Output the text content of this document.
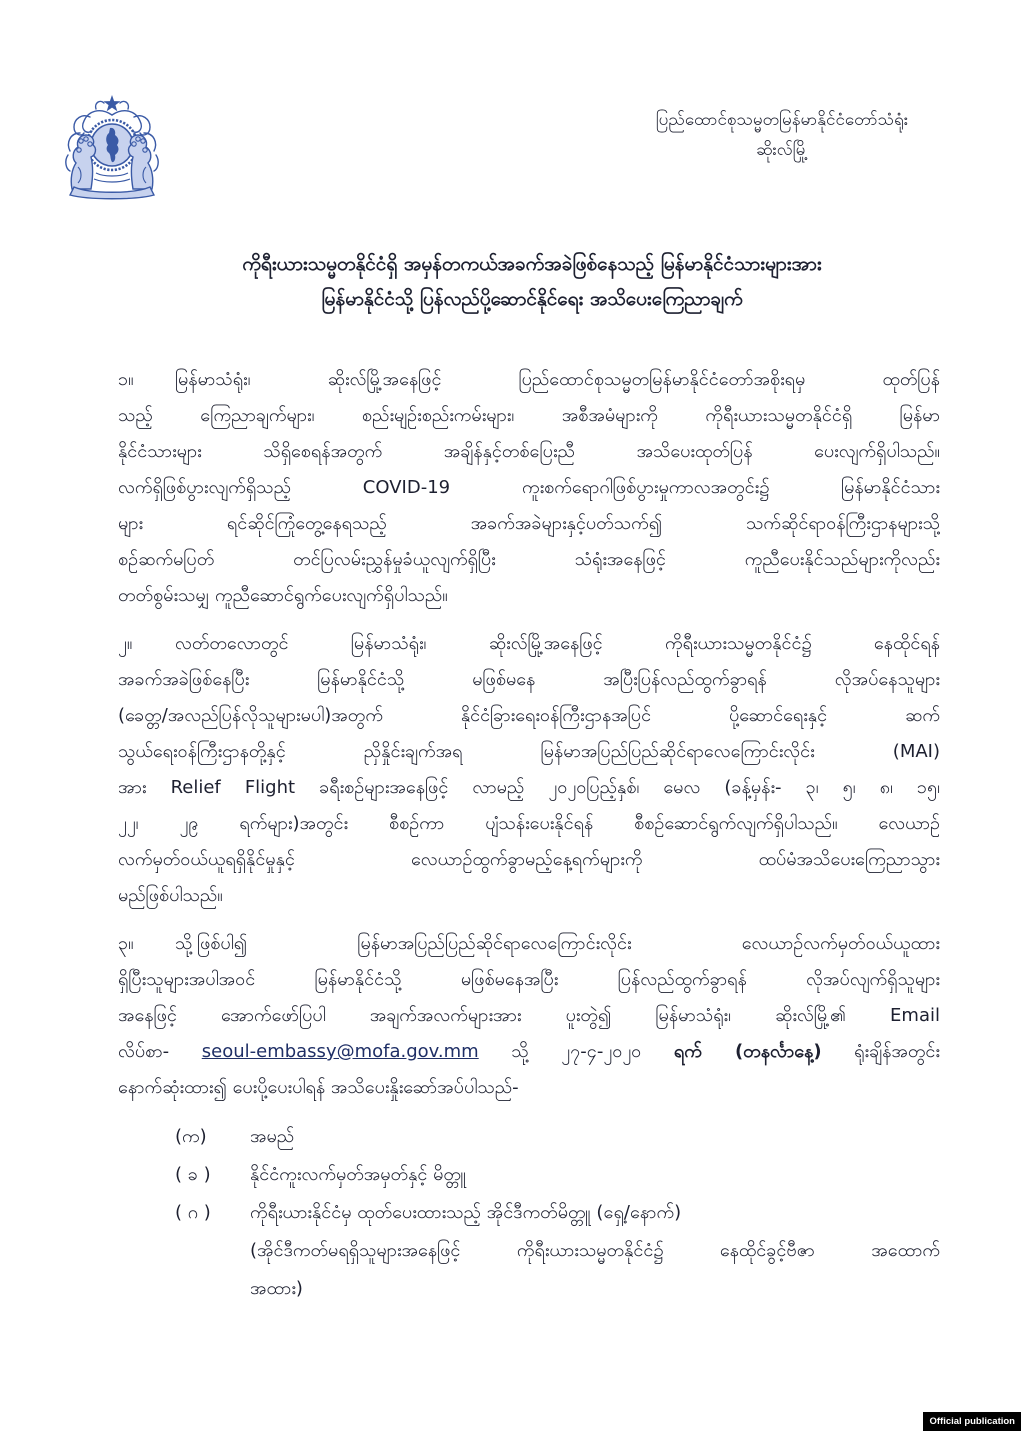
ပြည်ထောင်စုသမ္မတမြန်မာနိုင်ငံတော်သံရုံး
ဆိုးလ်မြို့
ကိုရီးယားသမ္မတနိုင်ငံရှိ အမှန်တကယ်အခက်အခဲဖြစ်နေသည့် မြန်မာနိုင်ငံသားများအား
မြန်မာနိုင်ငံသို့ ပြန်လည်ပို့ဆောင်နိုင်ရေး အသိပေးကြေညာချက်
၁။	မြန်မာသံရုံး၊ ဆိုးလ်မြို့အနေဖြင့် ပြည်ထောင်စုသမ္မတမြန်မာနိုင်ငံတော်အစိုးရမှ ထုတ်ပြန်
သည့် ကြေညာချက်များ၊ စည်းမျဉ်းစည်းကမ်းများ၊ အစီအမံများကို ကိုရီးယားသမ္မတနိုင်ငံရှိ မြန်မာ
နိုင်ငံသားများ သိရှိစေရန်အတွက် အချိန်နှင့်တစ်ပြေးညီ အသိပေးထုတ်ပြန် ပေးလျက်ရှိပါသည်။
လက်ရှိဖြစ်ပွားလျက်ရှိသည့် COVID-19 ကူးစက်ရောဂါဖြစ်ပွားမှုကာလအတွင်း၌ မြန်မာနိုင်ငံသား
များ ရင်ဆိုင်ကြုံတွေ့နေရသည့် အခက်အခဲများနှင့်ပတ်သက်၍ သက်ဆိုင်ရာဝန်ကြီးဌာနများသို့
စဉ်ဆက်မပြတ် တင်ပြလမ်းညွှန်မှုခံယူလျက်ရှိပြီး သံရုံးအနေဖြင့် ကူညီပေးနိုင်သည်များကိုလည်း
တတ်စွမ်းသမျှ ကူညီဆောင်ရွက်ပေးလျက်ရှိပါသည်။
၂။	လတ်တလောတွင် မြန်မာသံရုံး၊ ဆိုးလ်မြို့အနေဖြင့် ကိုရီးယားသမ္မတနိုင်ငံ၌ နေထိုင်ရန်
အခက်အခဲဖြစ်နေပြီး မြန်မာနိုင်ငံသို့ မဖြစ်မနေ အပြီးပြန်လည်ထွက်ခွာရန် လိုအပ်နေသူများ
(ခေတ္တ/အလည်ပြန်လိုသူများမပါ)အတွက် နိုင်ငံခြားရေးဝန်ကြီးဌာနအပြင် ပို့ဆောင်ရေးနှင့် ဆက်
သွယ်ရေးဝန်ကြီးဌာနတို့နှင့် ညှိနှိုင်းချက်အရ မြန်မာအပြည်ပြည်ဆိုင်ရာလေကြောင်းလိုင်း (MAI)
အား Relief Flight ခရီးစဉ်များအနေဖြင့် လာမည့် ၂၀၂၀ပြည့်နှစ်၊ မေလ (ခန့်မှန်း- ၃၊ ၅၊ ၈၊ ၁၅၊
၂၂၊ ၂၉ ရက်များ)အတွင်း စီစဉ်ကာ ပျံသန်းပေးနိုင်ရန် စီစဉ်ဆောင်ရွက်လျက်ရှိပါသည်။ လေယာဉ်
လက်မှတ်ဝယ်ယူရရှိနိုင်မှုနှင့် လေယာဉ်ထွက်ခွာမည့်နေ့ရက်များကို ထပ်မံအသိပေးကြေညာသွား
မည်ဖြစ်ပါသည်။
၃။	သို့ဖြစ်ပါ၍ မြန်မာအပြည်ပြည်ဆိုင်ရာလေကြောင်းလိုင်း လေယာဉ်လက်မှတ်ဝယ်ယူထား
ရှိပြီးသူများအပါအဝင် မြန်မာနိုင်ငံသို့ မဖြစ်မနေအပြီး ပြန်လည်ထွက်ခွာရန် လိုအပ်လျက်ရှိသူများ
အနေဖြင့် အောက်ဖော်ပြပါ အချက်အလက်များအား ပူးတွဲ၍ မြန်မာသံရုံး၊ ဆိုးလ်မြို့၏ Email
လိပ်စာ- seoul-embassy@mofa.gov.mm သို့ ၂၇-၄-၂၀၂၀ ရက် (တနင်္လာနေ့) ရုံးချိန်အတွင်း
နောက်ဆုံးထား၍ ပေးပို့ပေးပါရန် အသိပေးနှိုးဆော်အပ်ပါသည်-
(က)	အမည်
( ခ )	နိုင်ငံကူးလက်မှတ်အမှတ်နှင့် မိတ္တူ
( ဂ )	ကိုရီးယားနိုင်ငံမှ ထုတ်ပေးထားသည့် အိုင်ဒီကတ်မိတ္တူ (ရှေ့/နောက်)
(အိုင်ဒီကတ်မရရှိသူများအနေဖြင့် ကိုရီးယားသမ္မတနိုင်ငံ၌ နေထိုင်ခွင့်ဗီဇာ အထောက်
အထား)
Official publication
